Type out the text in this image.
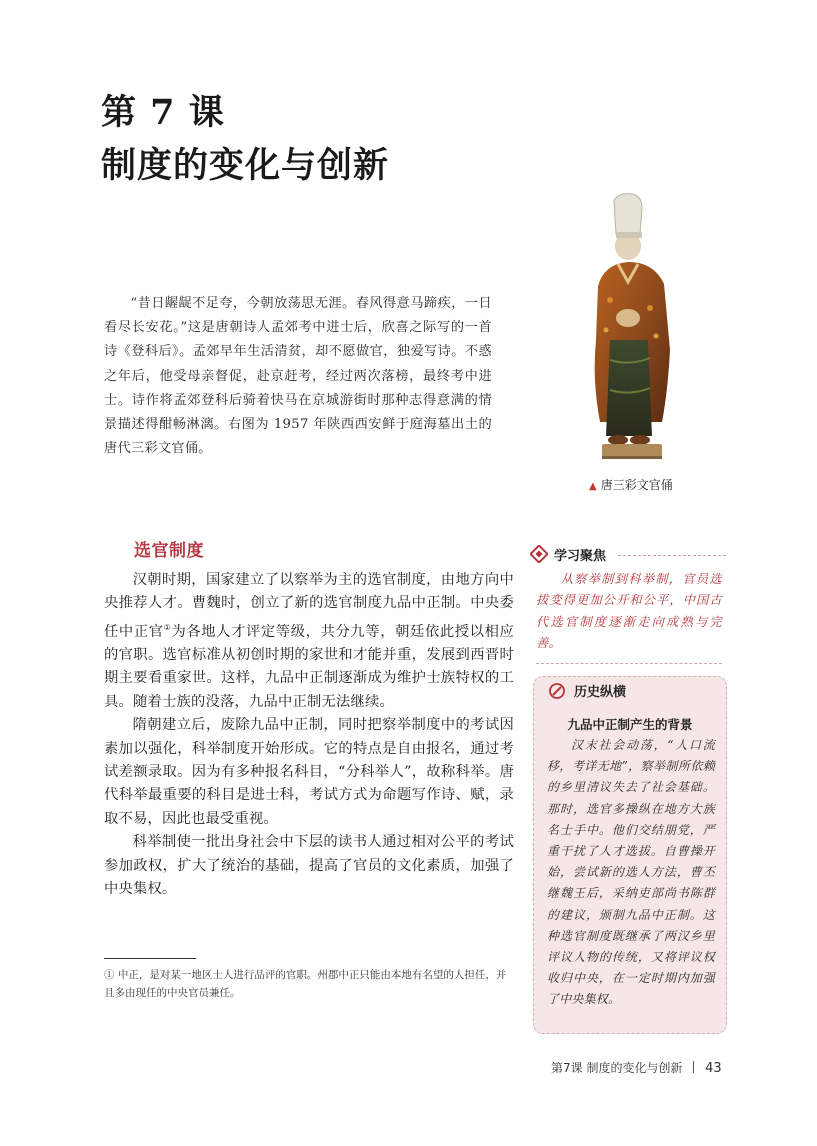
第 7 课
制度的变化与创新
“昔日龌龊不足夸，今朝放荡思无涯。春风得意马蹄疾，一日看尽长安花。”这是唐朝诗人孟郊考中进士后，欣喜之际写的一首诗《登科后》。孟郊早年生活清贫，却不愿做官，独爱写诗。不惑之年后，他受母亲督促，赴京赶考，经过两次落榜，最终考中进士。诗作将孟郊登科后骑着快马在京城游街时那种志得意满的情景描述得酣畅淋漓。右图为 1957 年陕西西安鲜于庭海墓出土的唐代三彩文官俑。
▲ 唐三彩文官俑
选官制度

汉朝时期，国家建立了以察举为主的选官制度，由地方向中央推荐人才。曹魏时，创立了新的选官制度九品中正制。中央委任中正官①为各地人才评定等级，共分九等，朝廷依此授以相应的官职。选官标准从初创时期的家世和才能并重，发展到西晋时期主要看重家世。这样，九品中正制逐渐成为维护士族特权的工具。随着士族的没落，九品中正制无法继续。

隋朝建立后，废除九品中正制，同时把察举制度中的考试因素加以强化，科举制度开始形成。它的特点是自由报名，通过考试差额录取。因为有多种报名科目，“分科举人”，故称科举。唐代科举最重要的科目是进士科，考试方式为命题写作诗、赋，录取不易，因此也最受重视。

科举制使一批出身社会中下层的读书人通过相对公平的考试参加政权，扩大了统治的基础，提高了官员的文化素质，加强了中央集权。

① 中正，是对某一地区士人进行品评的官职。州郡中正只能由本地有名望的人担任，并且多由现任的中央官员兼任。
学习聚焦
从察举制到科举制，官员选拔变得更加公开和公平，中国古代选官制度逐渐走向成熟与完善。
历史纵横
九品中正制产生的背景
汉末社会动荡，“人口流移，考详无地”，察举制所依赖的乡里清议失去了社会基础。那时，选官多操纵在地方大族名士手中。他们交结朋党，严重干扰了人才选拔。自曹操开始，尝试新的选人方法，曹丕继魏王后，采纳吏部尚书陈群的建议，颁制九品中正制。这种选官制度既继承了两汉乡里评议人物的传统，又将评议权收归中央，在一定时期内加强了中央集权。
第7课 制度的变化与创新 43
